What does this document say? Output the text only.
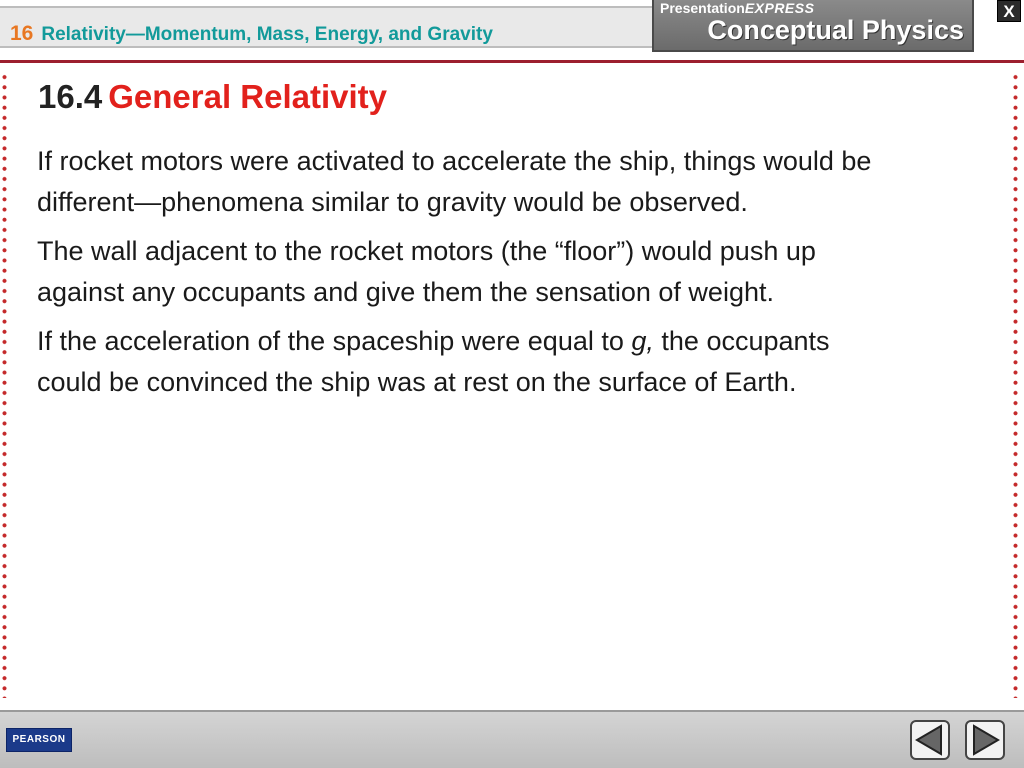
16 Relativity—Momentum, Mass, Energy, and Gravity
PresentationEXPRESS
Conceptual Physics
X
16.4 General Relativity

If rocket motors were activated to accelerate the ship, things would be different—phenomena similar to gravity would be observed.

The wall adjacent to the rocket motors (the “floor”) would push up against any occupants and give them the sensation of weight.

If the acceleration of the spaceship were equal to g, the occupants could be convinced the ship was at rest on the surface of Earth.

PEARSON
